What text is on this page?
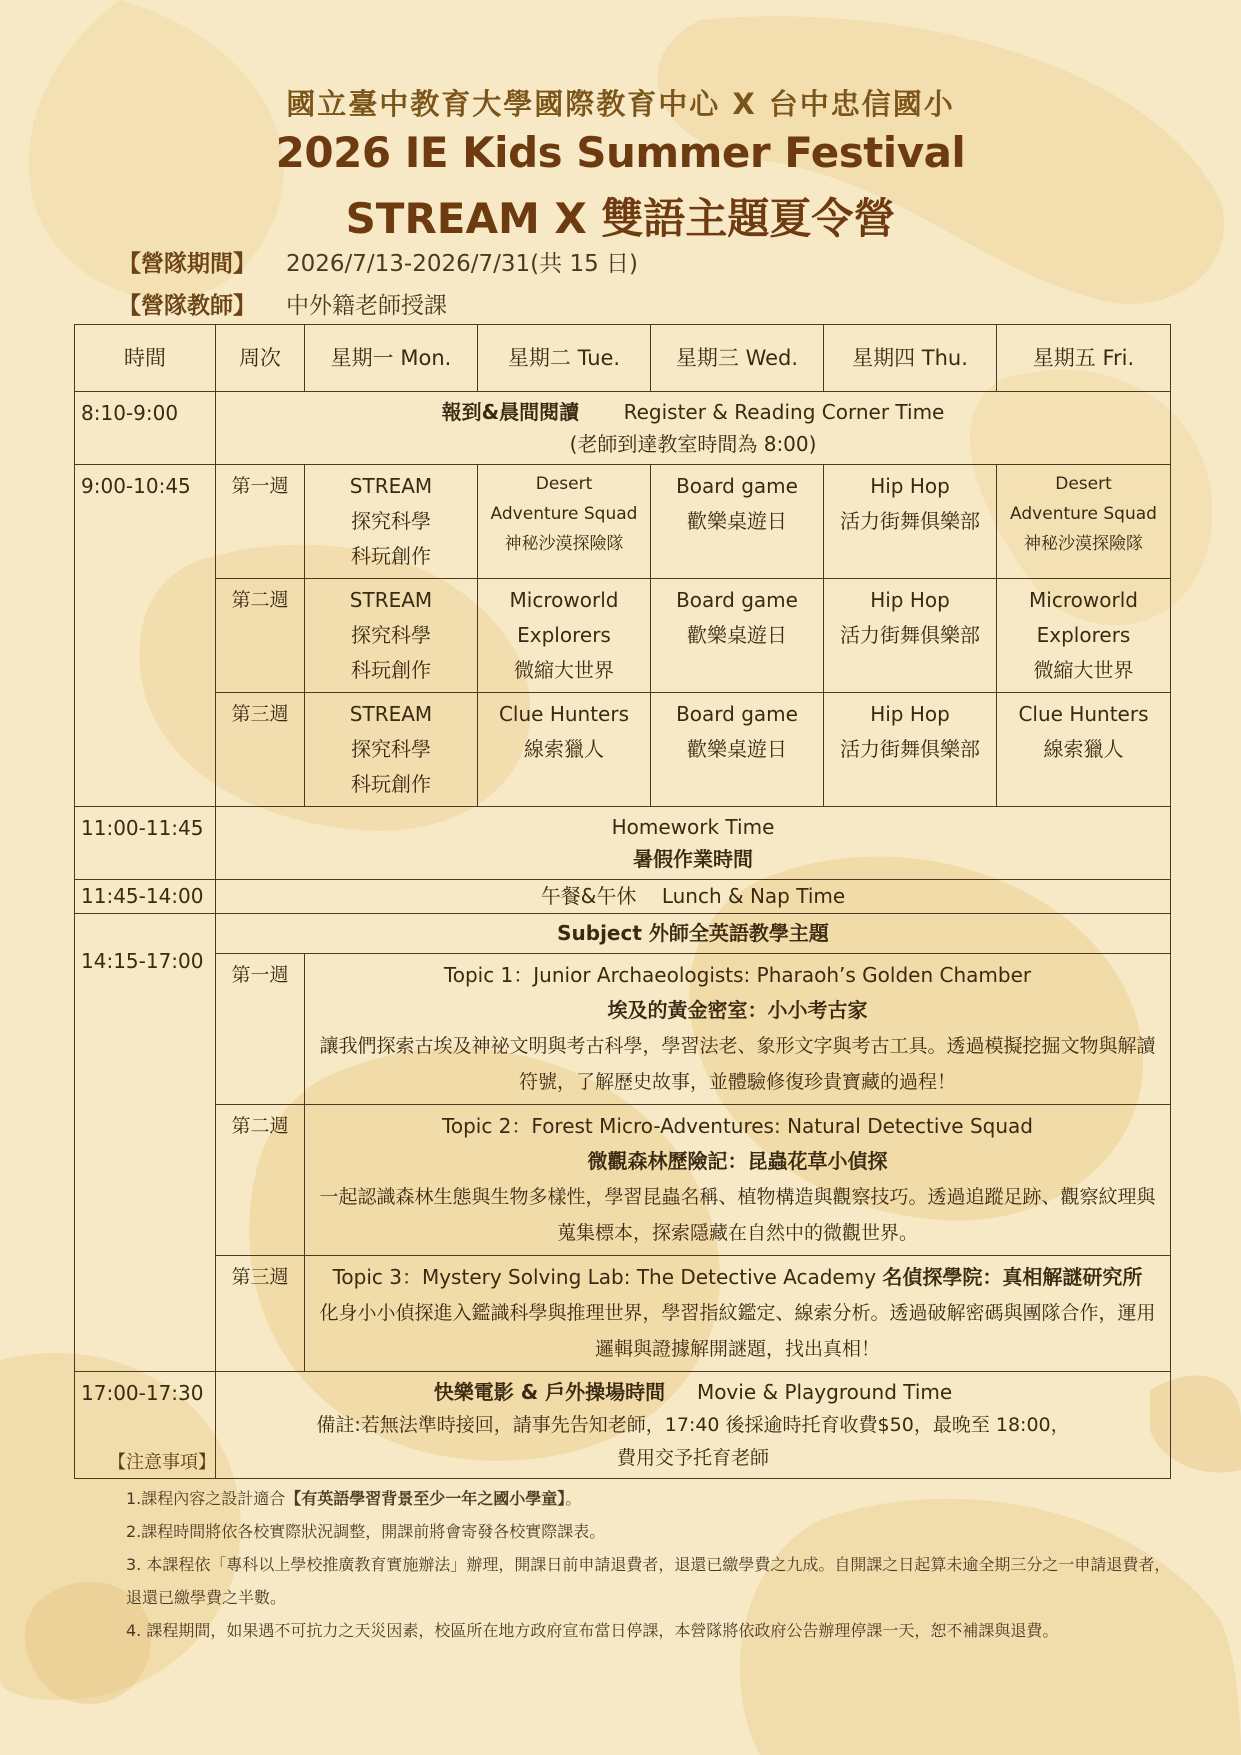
國立臺中教育大學國際教育中心 X 台中忠信國小
2026 IE Kids Summer Festival
STREAM X 雙語主題夏令營
【營隊期間】 2026/7/13-2026/7/31(共 15 日)
【營隊教師】 中外籍老師授課
時間	周次	星期一 Mon.	星期二 Tue.	星期三 Wed.	星期四 Thu.	星期五 Fri.
8:10-9:00	報到&晨間閱讀 Register & Reading Corner Time
(老師到達教室時間為 8:00)					
9:00-10:45	第一週	STREAM
探究科學
科玩創作	Desert
Adventure Squad
神秘沙漠探險隊	Board game
歡樂桌遊日	Hip Hop
活力街舞俱樂部	Desert
Adventure Squad
神秘沙漠探險隊

	第二週	STREAM
探究科學
科玩創作	Microworld
Explorers
微縮大世界	Board game
歡樂桌遊日	Hip Hop
活力街舞俱樂部	Microworld
Explorers
微縮大世界

	第三週	STREAM
探究科學
科玩創作	Clue Hunters
線索獵人	Board game
歡樂桌遊日	Hip Hop
活力街舞俱樂部	Clue Hunters
線索獵人

11:00-11:45	Homework Time
暑假作業時間					
11:45-14:00	午餐&午休    Lunch & Nap Time					
14:15-17:00	Subject 外師全英語教學主題					
	第一週	Topic 1：Junior Archaeologists: Pharaoh’s Golden Chamber
埃及的黃金密室：小小考古家
讓我們探索古埃及神祕文明與考古科學，學習法老、象形文字與考古工具。透過模擬挖掘文物與解讀符號，了解歷史故事，並體驗修復珍貴寶藏的過程！				

	第二週	Topic 2：Forest Micro-Adventures: Natural Detective Squad
微觀森林歷險記：昆蟲花草小偵探
一起認識森林生態與生物多樣性，學習昆蟲名稱、植物構造與觀察技巧。透過追蹤足跡、觀察紋理與蒐集標本，探索隱藏在自然中的微觀世界。				

	第三週	Topic 3：Mystery Solving Lab: The Detective Academy 名偵探學院：真相解謎研究所
化身小小偵探進入鑑識科學與推理世界，學習指紋鑑定、線索分析。透過破解密碼與團隊合作，運用邏輯與證據解開謎題，找出真相！				

17:00-17:30	快樂電影 & 戶外操場時間 Movie & Playground Time
備註:若無法準時接回，請事先告知老師，17:40 後採逾時托育收費$50，最晚至 18:00，
費用交予托育老師					
【注意事項】
1.課程內容之設計適合【有英語學習背景至少一年之國小學童】。
2.課程時間將依各校實際狀況調整，開課前將會寄發各校實際課表。
3. 本課程依「專科以上學校推廣教育實施辦法」辦理，開課日前申請退費者，退還已繳學費之九成。自開課之日起算未逾全期三分之一申請退費者，退還已繳學費之半數。
4. 課程期間，如果遇不可抗力之天災因素，校區所在地方政府宣布當日停課，本營隊將依政府公告辦理停課一天，恕不補課與退費。
